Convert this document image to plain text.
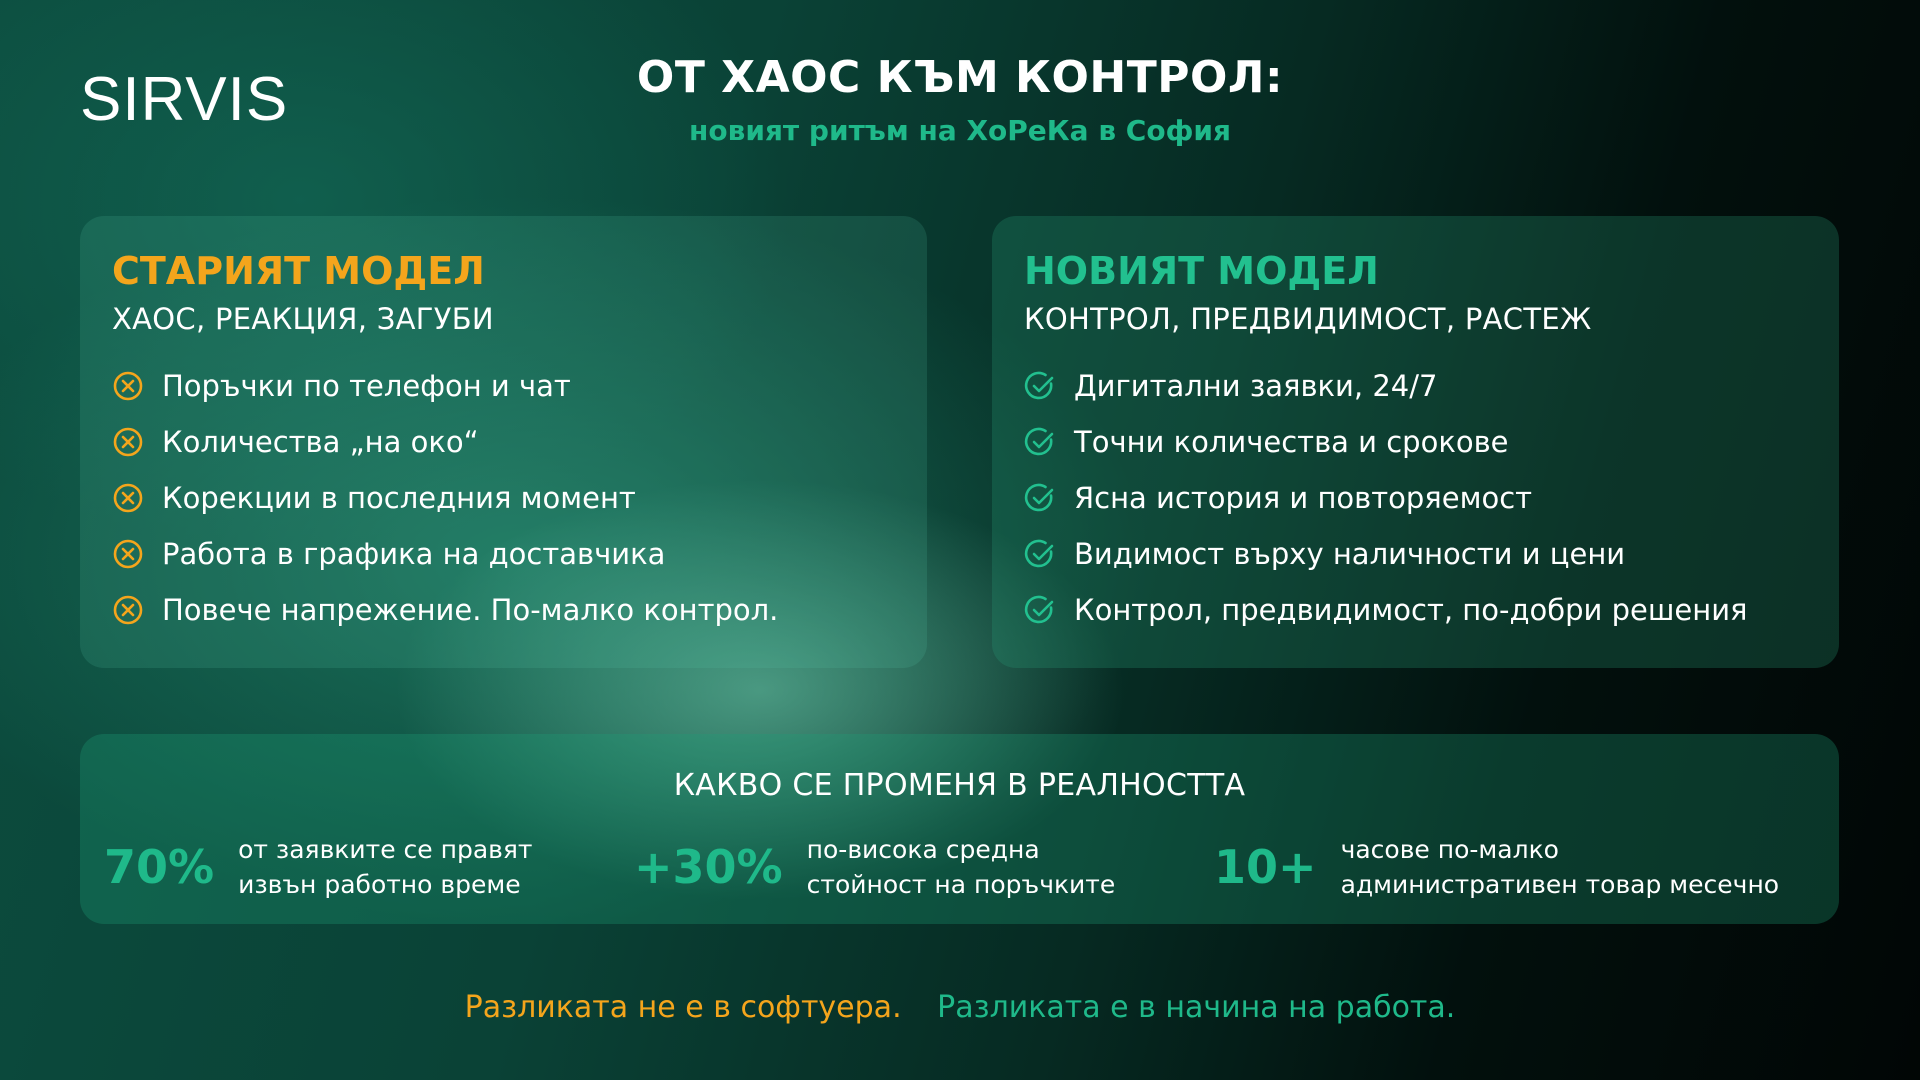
SIRVIS	ОТ ХАОС КЪМ КОНТРОЛ:
новият ритъм на ХоРеКа в София
СТАРИЯТ МОДЕЛ
ХАОС, РЕАКЦИЯ, ЗАГУБИ
Поръчки по телефон и чат
Количества „на око“
Корекции в последния момент
Работа в графика на доставчика
Повече напрежение. По-малко контрол.
НОВИЯТ МОДЕЛ
КОНТРОЛ, ПРЕДВИДИМОСТ, РАСТЕЖ
Дигитални заявки, 24/7
Точни количества и срокове
Ясна история и повторяемост
Видимост върху наличности и цени
Контрол, предвидимост, по-добри решения
КАКВО СЕ ПРОМЕНЯ В РЕАЛНОСТТА
70% от заявките се правят
извън работно време +30% по-висока средна
стойност на поръчките 10+ часове по-малко
административен товар месечно
Разликата не е в софтуера. Разликата е в начина на работа.
